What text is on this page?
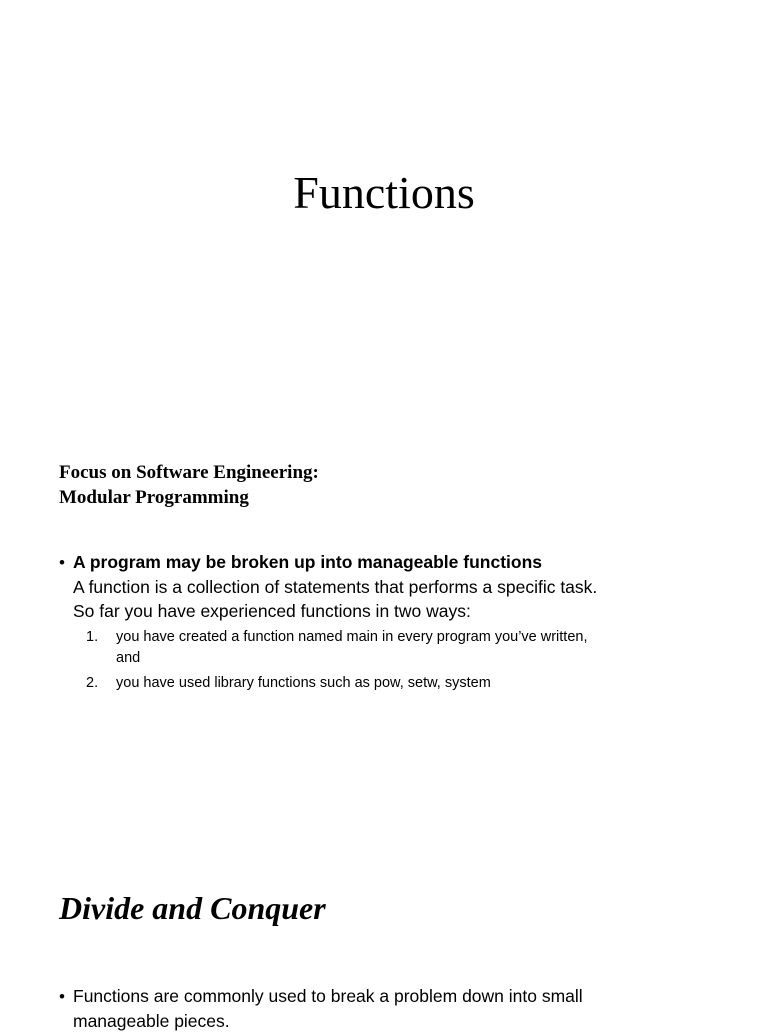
Functions
Focus on Software Engineering:
Modular Programming
• A program may be broken up into manageable functions
A function is a collection of statements that performs a specific task.
So far you have experienced functions in two ways:
1. you have created a function named main in every program you’ve written,
and
2. you have used library functions such as pow, setw, system
Divide and Conquer
• Functions are commonly used to break a problem down into small
manageable pieces.
